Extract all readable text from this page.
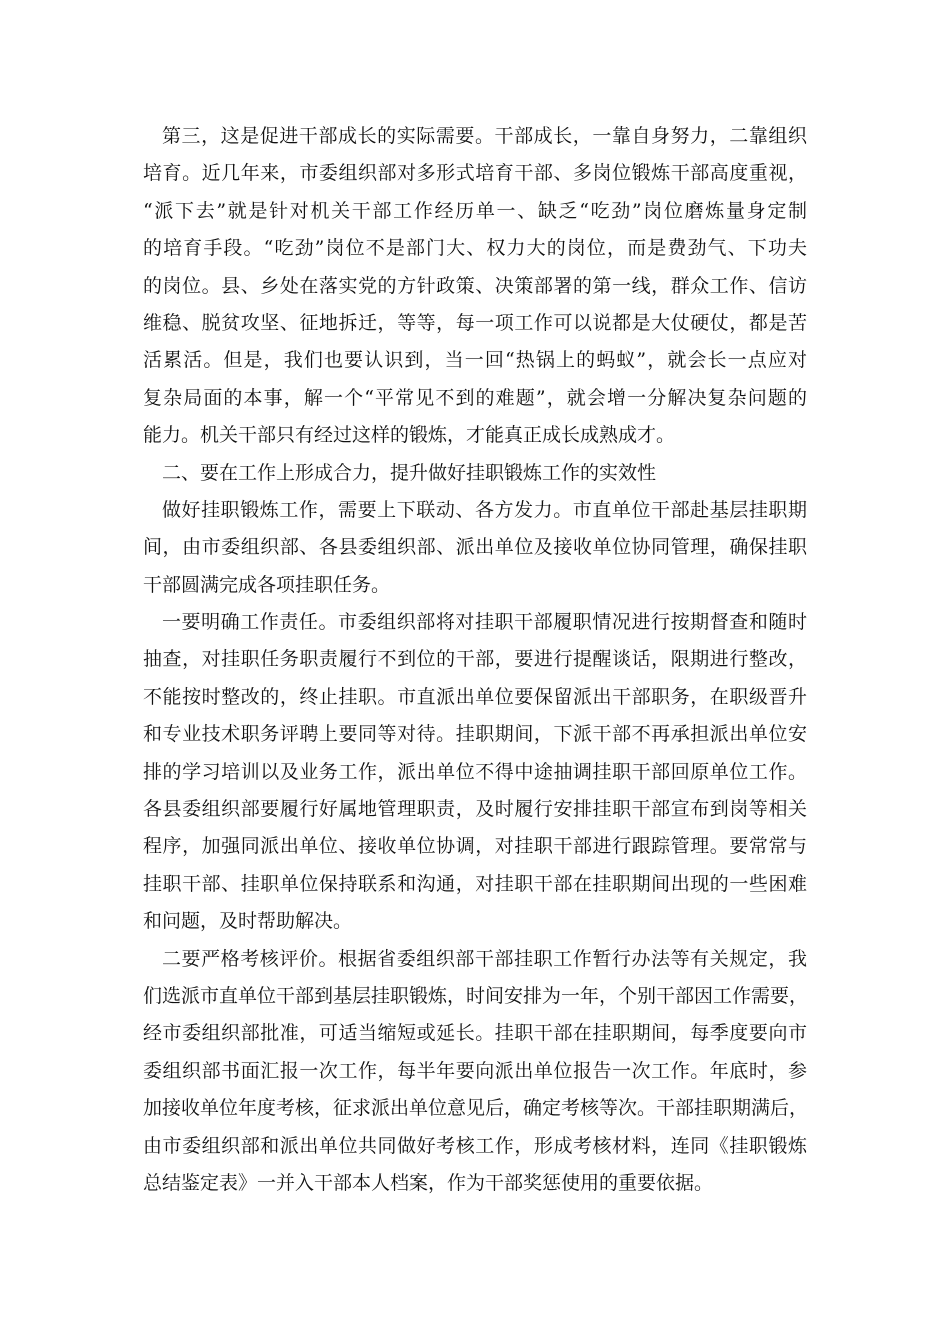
第三，这是促进干部成长的实际需要。干部成长，一靠自身努力，二靠组织
培育。近几年来，市委组织部对多形式培育干部、多岗位锻炼干部高度重视，
“派下去”就是针对机关干部工作经历单一、缺乏“吃劲”岗位磨炼量身定制
的培育手段。“吃劲”岗位不是部门大、权力大的岗位，而是费劲气、下功夫
的岗位。县、乡处在落实党的方针政策、决策部署的第一线，群众工作、信访
维稳、脱贫攻坚、征地拆迁，等等，每一项工作可以说都是大仗硬仗，都是苦
活累活。但是，我们也要认识到，当一回“热锅上的蚂蚁”，就会长一点应对
复杂局面的本事，解一个“平常见不到的难题”，就会增一分解决复杂问题的
能力。机关干部只有经过这样的锻炼，才能真正成长成熟成才。
二、要在工作上形成合力，提升做好挂职锻炼工作的实效性
做好挂职锻炼工作，需要上下联动、各方发力。市直单位干部赴基层挂职期
间，由市委组织部、各县委组织部、派出单位及接收单位协同管理，确保挂职
干部圆满完成各项挂职任务。
一要明确工作责任。市委组织部将对挂职干部履职情况进行按期督查和随时
抽查，对挂职任务职责履行不到位的干部，要进行提醒谈话，限期进行整改，
不能按时整改的，终止挂职。市直派出单位要保留派出干部职务，在职级晋升
和专业技术职务评聘上要同等对待。挂职期间，下派干部不再承担派出单位安
排的学习培训以及业务工作，派出单位不得中途抽调挂职干部回原单位工作。
各县委组织部要履行好属地管理职责，及时履行安排挂职干部宣布到岗等相关
程序，加强同派出单位、接收单位协调，对挂职干部进行跟踪管理。要常常与
挂职干部、挂职单位保持联系和沟通，对挂职干部在挂职期间出现的一些困难
和问题，及时帮助解决。
二要严格考核评价。根据省委组织部干部挂职工作暂行办法等有关规定，我
们选派市直单位干部到基层挂职锻炼，时间安排为一年，个别干部因工作需要，
经市委组织部批准，可适当缩短或延长。挂职干部在挂职期间，每季度要向市
委组织部书面汇报一次工作，每半年要向派出单位报告一次工作。年底时，参
加接收单位年度考核，征求派出单位意见后，确定考核等次。干部挂职期满后，
由市委组织部和派出单位共同做好考核工作，形成考核材料，连同《挂职锻炼
总结鉴定表》一并入干部本人档案，作为干部奖惩使用的重要依据。
